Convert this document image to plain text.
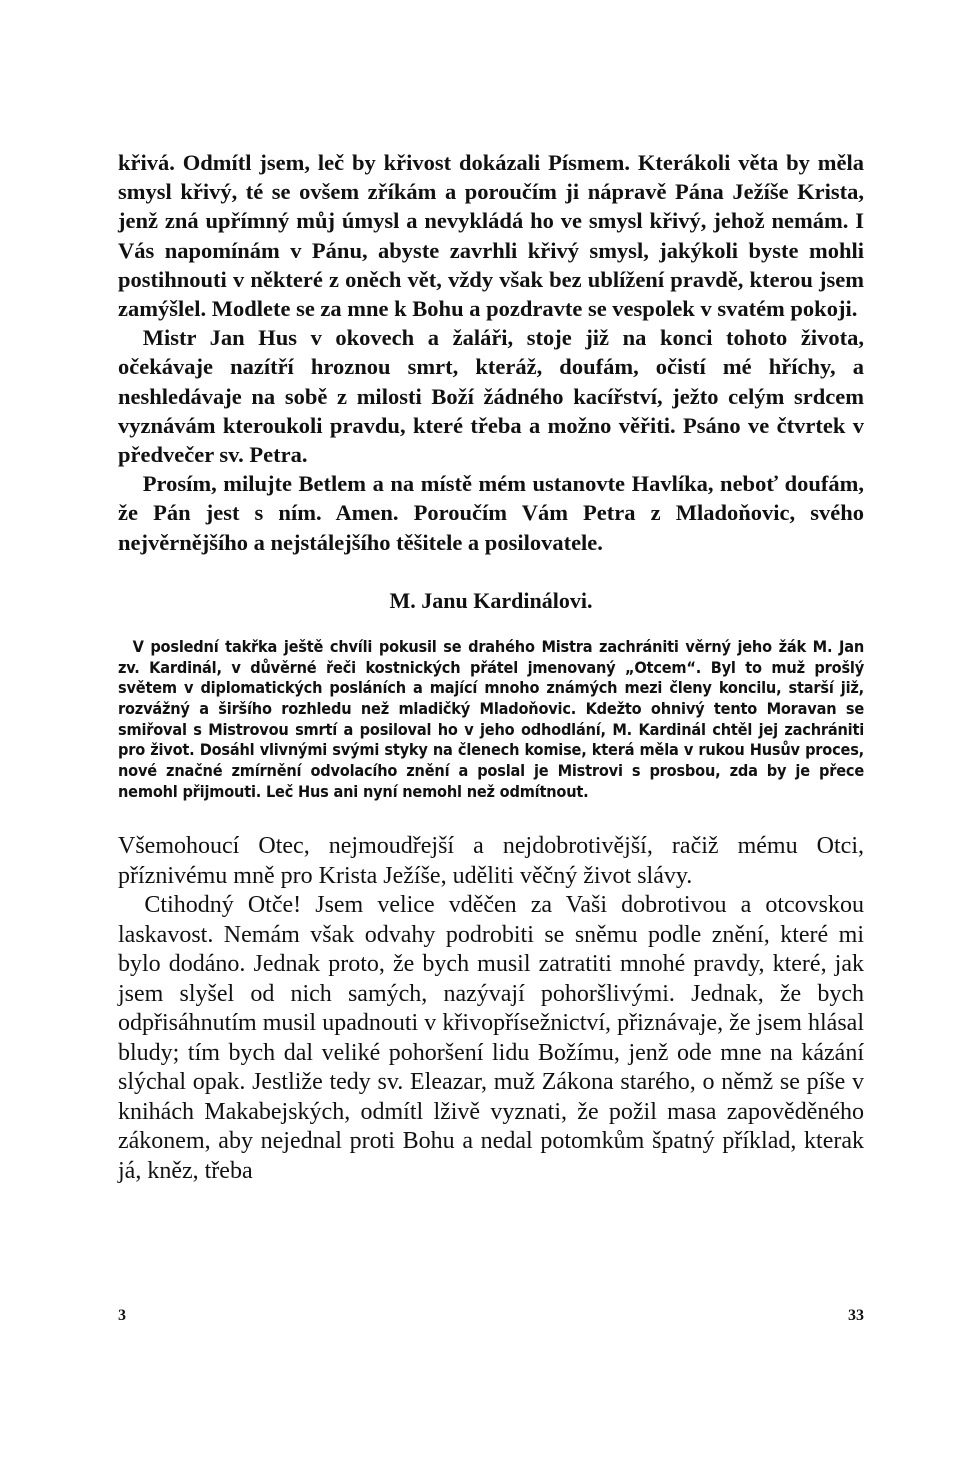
křivá. Odmítl jsem, leč by křivost dokázali Písmem. Kterákoli věta by měla smysl křivý, té se ovšem zříkám a poroučím ji nápravě Pána Ježíše Krista, jenž zná upřímný můj úmysl a nevykládá ho ve smysl křivý, jehož nemám. I Vás napomínám v Pánu, abyste zavrhli křivý smysl, jakýkoli byste mohli postihnouti v některé z oněch vět, vždy však bez ublížení pravdě, kterou jsem zamýšlel. Modlete se za mne k Bohu a pozdravte se vespolek v svatém pokoji.

Mistr Jan Hus v okovech a žaláři, stoje již na konci tohoto života, očekávaje nazítří hroznou smrt, kteráž, doufám, očistí mé hříchy, a neshledávaje na sobě z milosti Boží žádného kacířství, ježto celým srdcem vyznávám kteroukoli pravdu, které třeba a možno věřiti. Psáno ve čtvrtek v předvečer sv. Petra.

Prosím, milujte Betlem a na místě mém ustanovte Havlíka, neboť doufám, že Pán jest s ním. Amen. Poroučím Vám Petra z Mladoňovic, svého nejvěrnějšího a nejstálejšího těšitele a posilovatele.

M. Janu Kardinálovi.

V poslední takřka ještě chvíli pokusil se drahého Mistra zachrániti věrný jeho žák M. Jan zv. Kardinál, v důvěrné řeči kostnických přátel jmenovaný „Otcem“. Byl to muž prošlý světem v diplomatických posláních a mající mnoho známých mezi členy koncilu, starší již, rozvážný a širšího rozhledu než mladičký Mladoňovic. Kdežto ohnivý tento Moravan se smiřoval s Mistrovou smrtí a posiloval ho v jeho odhodlání, M. Kardinál chtěl jej zachrániti pro život. Dosáhl vlivnými svými styky na členech komise, která měla v rukou Husův proces, nové značné zmírnění odvolacího znění a poslal je Mistrovi s prosbou, zda by je přece nemohl přijmouti. Leč Hus ani nyní nemohl než odmítnout.

Všemohoucí Otec, nejmoudřejší a nejdobrotivější, račiž mému Otci, příznivému mně pro Krista Ježíše, uděliti věčný život slávy.

Ctihodný Otče! Jsem velice vděčen za Vaši dobrotivou a otcovskou laskavost. Nemám však odvahy podrobiti se sněmu podle znění, které mi bylo dodáno. Jednak proto, že bych musil zatratiti mnohé pravdy, které, jak jsem slyšel od nich samých, nazývají pohoršlivými. Jednak, že bych odpřisáhnutím musil upadnouti v křivopřísežnictví, přiznávaje, že jsem hlásal bludy; tím bych dal veliké pohoršení lidu Božímu, jenž ode mne na kázání slýchal opak. Jestliže tedy sv. Eleazar, muž Zákona starého, o němž se píše v knihách Makabejských, odmítl lživě vyznati, že požil masa zapověděného zákonem, aby nejednal proti Bohu a nedal potomkům špatný příklad, kterak já, kněz, třeba

3	33
